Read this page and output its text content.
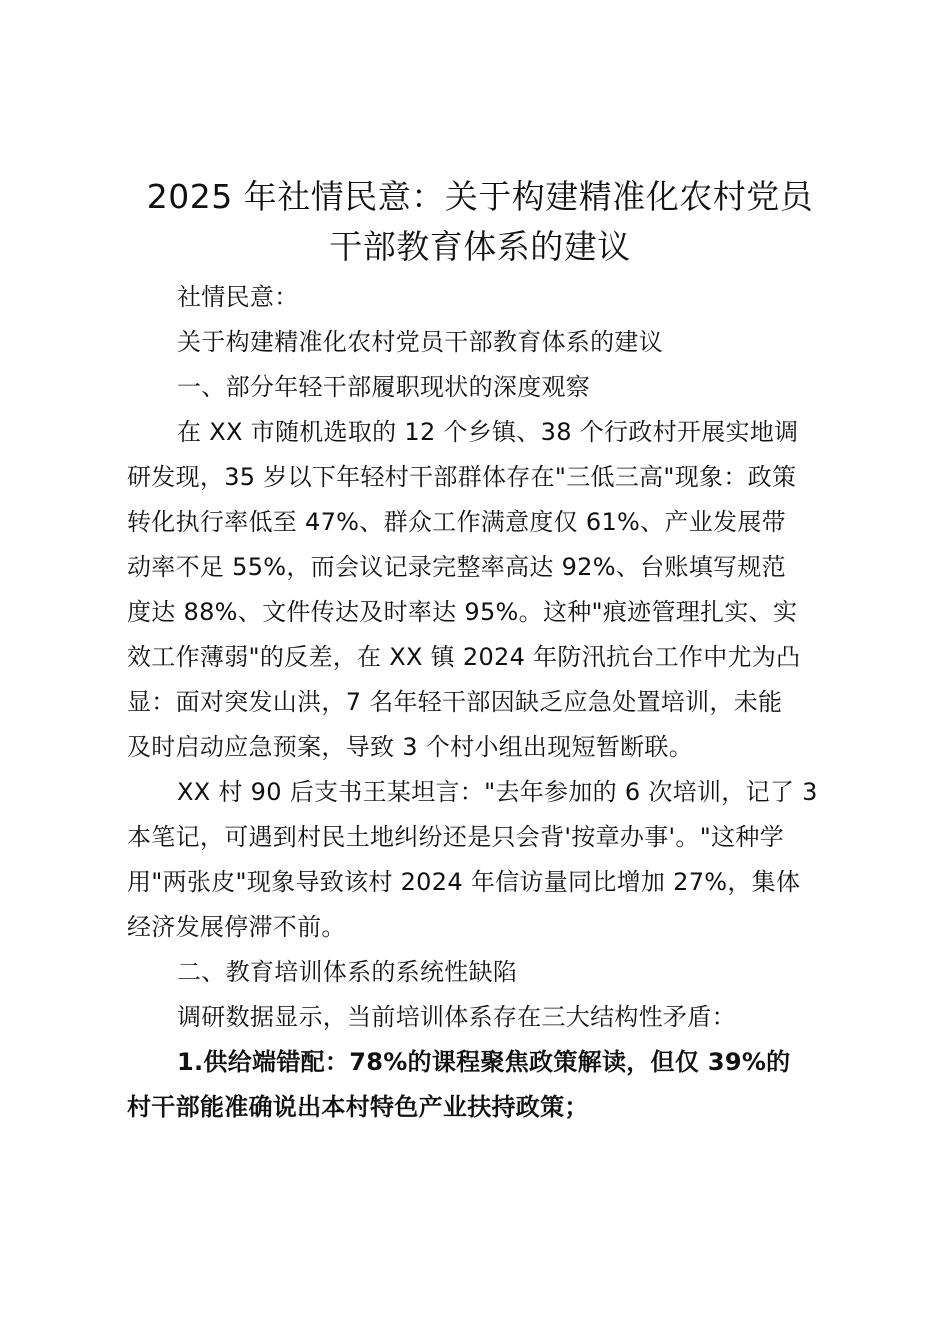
2025 年社情民意：关于构建精准化农村党员
干部教育体系的建议
社情民意：
关于构建精准化农村党员干部教育体系的建议
一、部分年轻干部履职现状的深度观察
在 XX 市随机选取的 12 个乡镇、38 个行政村开展实地调
研发现，35 岁以下年轻村干部群体存在"三低三高"现象：政策
转化执行率低至 47%、群众工作满意度仅 61%、产业发展带
动率不足 55%，而会议记录完整率高达 92%、台账填写规范
度达 88%、文件传达及时率达 95%。这种"痕迹管理扎实、实
效工作薄弱"的反差，在 XX 镇 2024 年防汛抗台工作中尤为凸
显：面对突发山洪，7 名年轻干部因缺乏应急处置培训，未能
及时启动应急预案，导致 3 个村小组出现短暂断联。
XX 村 90 后支书王某坦言："去年参加的 6 次培训，记了 3
本笔记，可遇到村民土地纠纷还是只会背'按章办事'。"这种学
用"两张皮"现象导致该村 2024 年信访量同比增加 27%，集体
经济发展停滞不前。
二、教育培训体系的系统性缺陷
调研数据显示，当前培训体系存在三大结构性矛盾：
1.供给端错配：78%的课程聚焦政策解读，但仅 39%的
村干部能准确说出本村特色产业扶持政策；
